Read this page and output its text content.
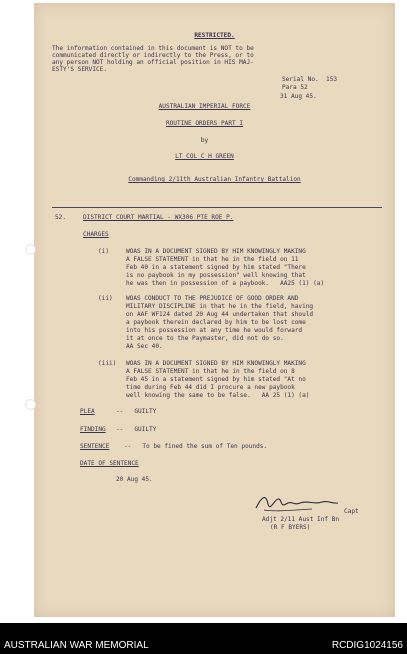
RESTRICTED.
The information contained in this document is NOT to be
communicated directly or indirectly to the Press, or to
any person NOT holding an official position in HIS MAJ-
ESTY'S SERVICE.
Serial No.  153
Para 52
31 Aug 45.
AUSTRALIAN IMPERIAL FORCE
ROUTINE ORDERS PART I
by
LT COL C H GREEN
Commanding 2/11th Australian Infantry Battalion
52.	DISTRICT COURT MARTIAL - WX306 PTE ROE P.
CHARGES
(i)	WOAS IN A DOCUMENT SIGNED BY HIM KNOWINGLY MAKING
A FALSE STATEMENT in that he in the field on 11
Feb 40 in a statement signed by him stated "There
is no paybook in my possession" well knowing that
he was then in possession of a paybook.   AA25 (1) (a)
(ii) WOAS CONDUCT TO THE PREJUDICE OF GOOD ORDER AND
MILITARY DISCIPLINE in that he in the field, having
on AAF WF124 dated 20 Aug 44 undertaken that should
a paybook therein declared by him to be lost come
into his possession at any time he would forward
it at once to the Paymaster, did not do so.
AA Sec 40.
(iii) WOAS IN A DOCUMENT SIGNED BY HIM KNOWINGLY MAKING
A FALSE STATEMENT in that he in the field on 8
Feb 45 in a statement signed by him stated "At no
time during Feb 44 did I procure a new paybook
well knowing the same to be false.   AA 25 (1) (a)
PLEA	--   GUILTY
FINDING --   GUILTY
SENTENCE --   To be fined the sum of Ten pounds.
DATE OF SENTENCE
20 Aug 45.
Capt
Adjt 2/11 Aust Inf Bn
(R F BYERS)
AUSTRALIAN WAR MEMORIAL	RCDIG1024156
